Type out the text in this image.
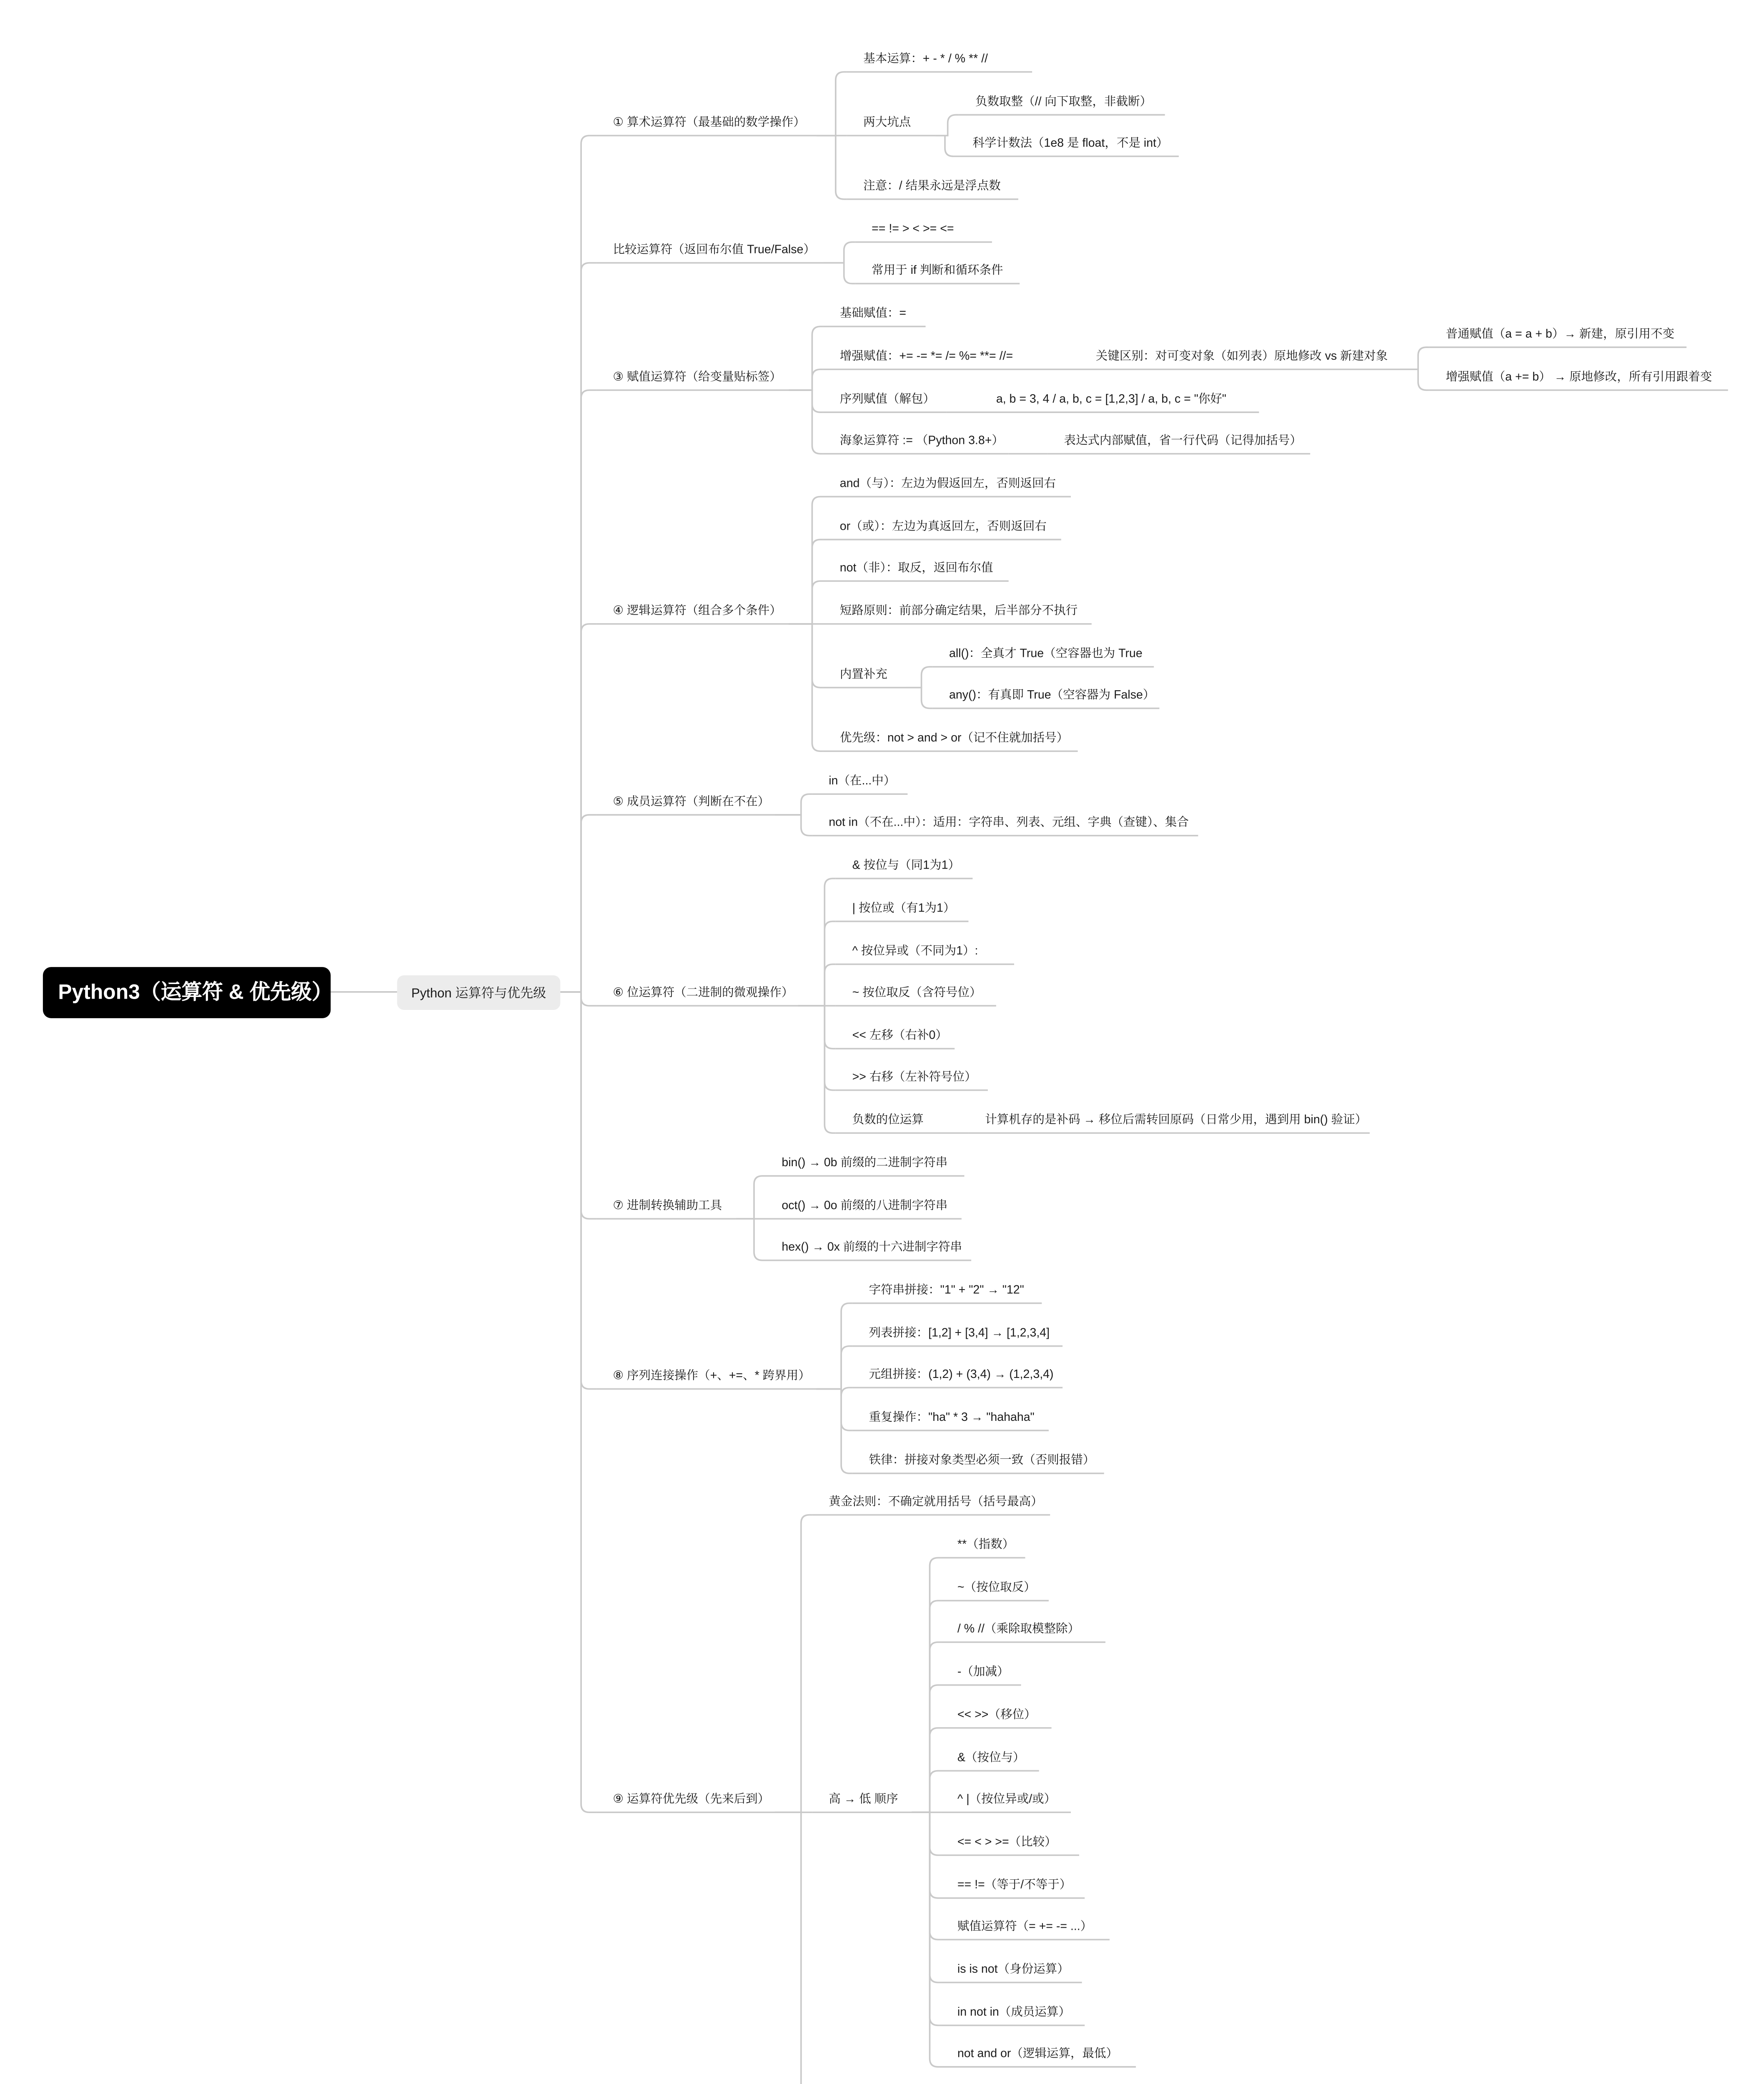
Python3（运算符 & 优先级）	Python 运算符与优先级
① 算术运算符（最基础的数学操作）
基本运算：+ - * / % ** //
两大坑点
负数取整（// 向下取整，非截断）
科学计数法（1e8 是 float，不是 int）
注意：/ 结果永远是浮点数
比较运算符（返回布尔值 True/False）
== != > < >= <=
常用于 if 判断和循环条件
③ 赋值运算符（给变量贴标签）
基础赋值：=
增强赋值：+= -= *= /= %= **= //=	关键区别：对可变对象（如列表）原地修改 vs 新建对象
普通赋值（a = a + b）→ 新建，原引用不变
增强赋值（a += b） → 原地修改，所有引用跟着变
序列赋值（解包）	a, b = 3, 4 / a, b, c = [1,2,3] / a, b, c = "你好"
海象运算符 := （Python 3.8+）	表达式内部赋值，省一行代码（记得加括号）
④ 逻辑运算符（组合多个条件）
and（与）：左边为假返回左，否则返回右
or（或）：左边为真返回左，否则返回右
not（非）：取反，返回布尔值
短路原则：前部分确定结果，后半部分不执行
内置补充
all()：全真才 True（空容器也为 True
any()：有真即 True（空容器为 False）
优先级：not > and > or（记不住就加括号）
⑤ 成员运算符（判断在不在）
in（在...中）
not in（不在...中）：适用：字符串、列表、元组、字典（查键）、集合
⑥ 位运算符（二进制的微观操作）
& 按位与（同1为1）
| 按位或（有1为1）
^ 按位异或（不同为1）:
~ 按位取反（含符号位）
<< 左移（右补0）
>> 右移（左补符号位）
负数的位运算	计算机存的是补码 → 移位后需转回原码（日常少用，遇到用 bin() 验证）
⑦ 进制转换辅助工具
bin() → 0b 前缀的二进制字符串
oct() → 0o 前缀的八进制字符串
hex() → 0x 前缀的十六进制字符串
⑧ 序列连接操作（+、+=、* 跨界用）
字符串拼接："1" + "2" → "12"
列表拼接：[1,2] + [3,4] → [1,2,3,4]
元组拼接：(1,2) + (3,4) → (1,2,3,4)
重复操作："ha" * 3 → "hahaha"
铁律：拼接对象类型必须一致（否则报错）
⑨ 运算符优先级（先来后到）
黄金法则：不确定就用括号（括号最高）
高 → 低 顺序
**（指数）
~（按位取反）
/ % //（乘除取模整除）
-（加减）
<< >>（移位）
&（按位与）
^ |（按位异或/或）
<= < > >=（比较）
== !=（等于/不等于）
赋值运算符（= += -= ...）
is is not（身份运算）
in not in（成员运算）
not and or（逻辑运算，最低）
